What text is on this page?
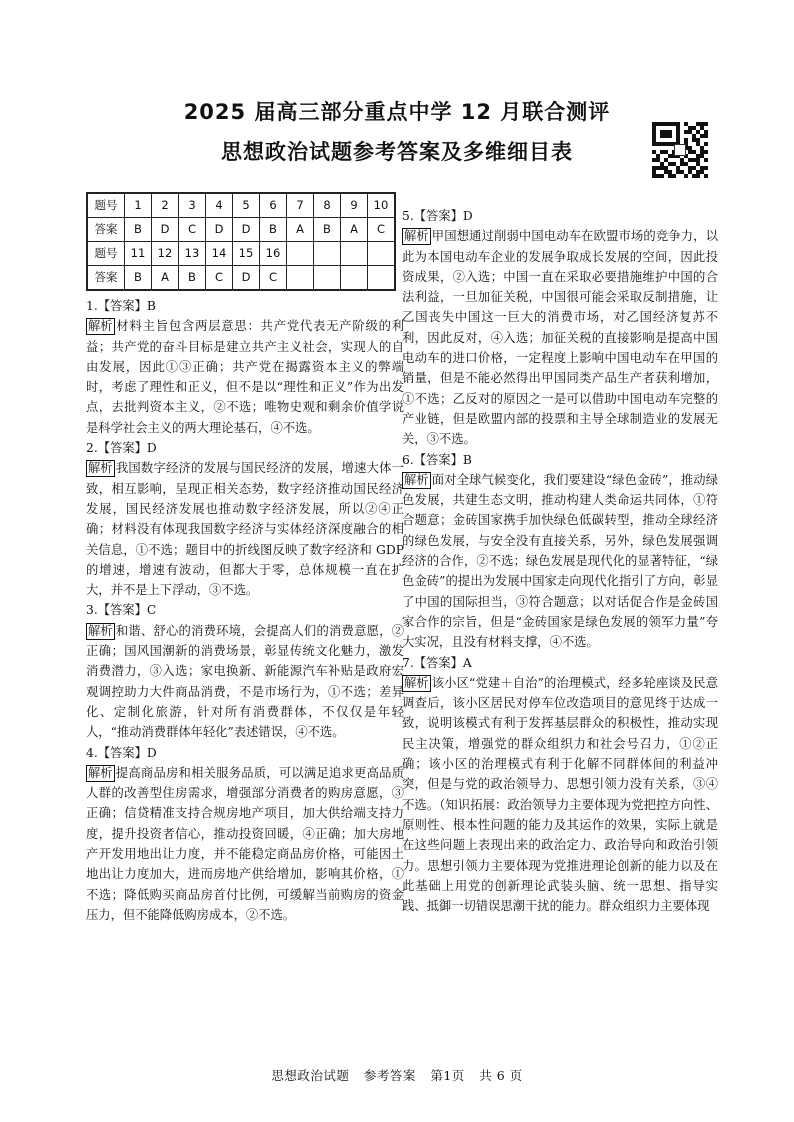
2025 届高三部分重点中学 12 月联合测评
思想政治试题参考答案及多维细目表
题号	1	2	3	4	5	6	7	8	9	10
答案	B	D	C	D	D	B	A	B	A	C
题号	11	12	13	14	15	16				
答案	B	A	B	C	D	C				
1.【答案】B
解析 材料主旨包含两层意思：共产党代表无产阶级的利益；共产党的奋斗目标是建立共产主义社会，实现人的自由发展，因此①③正确；共产党在揭露资本主义的弊端时，考虑了理性和正义，但不是以“理性和正义”作为出发点，去批判资本主义，②不选；唯物史观和剩余价值学说是科学社会主义的两大理论基石，④不选。
2.【答案】D
解析 我国数字经济的发展与国民经济的发展，增速大体一致，相互影响，呈现正相关态势，数字经济推动国民经济发展，国民经济发展也推动数字经济发展，所以②④正确；材料没有体现我国数字经济与实体经济深度融合的相关信息，①不选；题目中的折线图反映了数字经济和 GDP 的增速，增速有波动，但都大于零，总体规模一直在扩大，并不是上下浮动，③不选。
3.【答案】C
解析 和谐、舒心的消费环境，会提高人们的消费意愿，②正确；国风国潮新的消费场景，彰显传统文化魅力，激发消费潜力，③入选；家电换新、新能源汽车补贴是政府宏观调控助力大件商品消费，不是市场行为，①不选；差异化、定制化旅游，针对所有消费群体，不仅仅是年轻人，“推动消费群体年轻化”表述错误，④不选。
4.【答案】D
解析 提高商品房和相关服务品质，可以满足追求更高品质人群的改善型住房需求，增强部分消费者的购房意愿，③正确；信贷精准支持合规房地产项目，加大供给端支持力度，提升投资者信心，推动投资回暖，④正确；加大房地产开发用地出让力度，并不能稳定商品房价格，可能因土地出让力度加大，进而房地产供给增加，影响其价格，①不选；降低购买商品房首付比例，可缓解当前购房的资金压力，但不能降低购房成本，②不选。
5.【答案】D
解析 甲国想通过削弱中国电动车在欧盟市场的竞争力，以此为本国电动车企业的发展争取成长发展的空间，因此投资成果，②入选；中国一直在采取必要措施维护中国的合法利益，一旦加征关税，中国很可能会采取反制措施，让乙国丧失中国这一巨大的消费市场，对乙国经济复苏不利，因此反对，④入选；加征关税的直接影响是提高中国电动车的进口价格，一定程度上影响中国电动车在甲国的销量，但是不能必然得出甲国同类产品生产者获利增加，①不选；乙反对的原因之一是可以借助中国电动车完整的产业链，但是欧盟内部的投票和主导全球制造业的发展无关，③不选。
6.【答案】B
解析 面对全球气候变化，我们要建设“绿色金砖”，推动绿色发展，共建生态文明，推动构建人类命运共同体，①符合题意；金砖国家携手加快绿色低碳转型，推动全球经济的绿色发展，与安全没有直接关系，另外，绿色发展强调经济的合作，②不选；绿色发展是现代化的显著特征，“绿色金砖”的提出为发展中国家走向现代化指引了方向，彰显了中国的国际担当，③符合题意；以对话促合作是金砖国家合作的宗旨，但是“金砖国家是绿色发展的领军力量”夸大实况，且没有材料支撑，④不选。
7.【答案】A
解析 该小区“党建＋自治”的治理模式，经多轮座谈及民意调查后，该小区居民对停车位改造项目的意见终于达成一致，说明该模式有利于发挥基层群众的积极性，推动实现民主决策，增强党的群众组织力和社会号召力，①②正确；该小区的治理模式有利于化解不同群体间的利益冲突，但是与党的政治领导力、思想引领力没有关系，③④不选。（知识拓展：政治领导力主要体现为党把控方向性、原则性、根本性问题的能力及其运作的效果，实际上就是在这些问题上表现出来的政治定力、政治导向和政治引领力。思想引领力主要体现为党推进理论创新的能力以及在此基础上用党的创新理论武装头脑、统一思想、指导实践、抵御一切错误思潮干扰的能力。群众组织力主要体现
思想政治试题 参考答案 第1页 共 6 页
